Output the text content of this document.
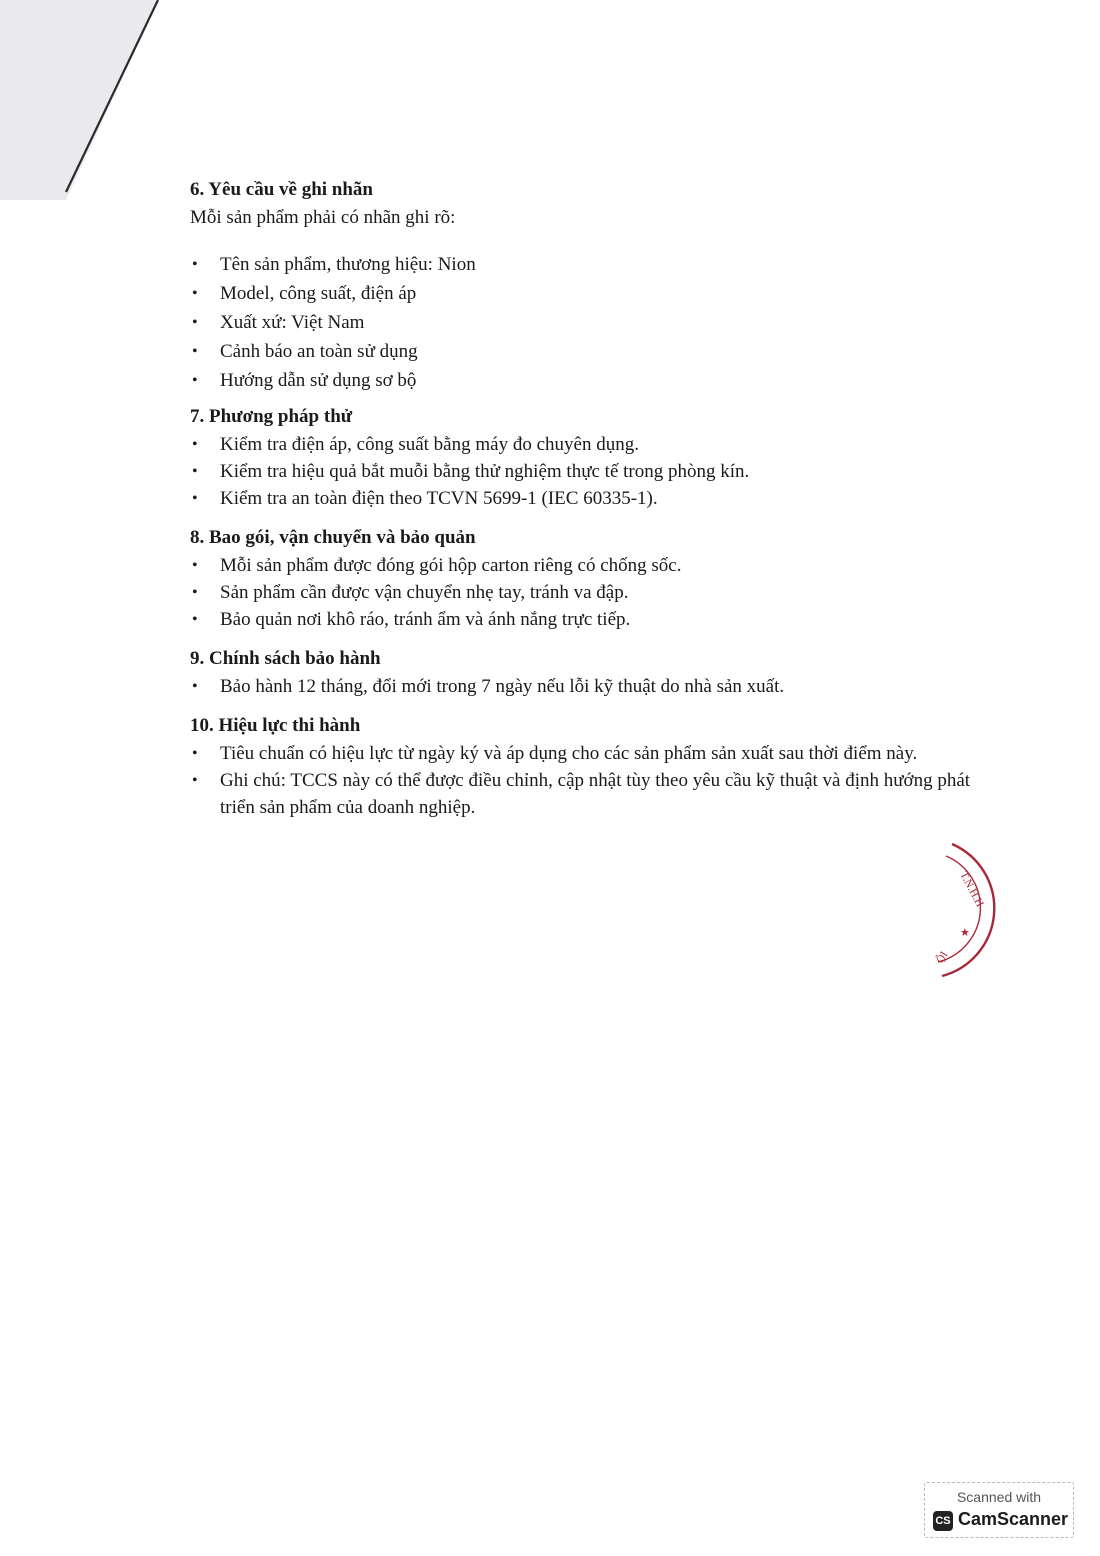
6. Yêu cầu về ghi nhãn

Mỗi sản phẩm phải có nhãn ghi rõ:

• Tên sản phẩm, thương hiệu: Nion
• Model, công suất, điện áp
• Xuất xứ: Việt Nam
• Cảnh báo an toàn sử dụng
• Hướng dẫn sử dụng sơ bộ

7. Phương pháp thử

• Kiểm tra điện áp, công suất bằng máy đo chuyên dụng.
• Kiểm tra hiệu quả bắt muỗi bằng thử nghiệm thực tế trong phòng kín.
• Kiểm tra an toàn điện theo TCVN 5699-1 (IEC 60335-1).

8. Bao gói, vận chuyển và bảo quản

• Mỗi sản phẩm được đóng gói hộp carton riêng có chống sốc.
• Sản phẩm cần được vận chuyển nhẹ tay, tránh va đập.
• Bảo quản nơi khô ráo, tránh ẩm và ánh nắng trực tiếp.

9. Chính sách bảo hành

• Bảo hành 12 tháng, đổi mới trong 7 ngày nếu lỗi kỹ thuật do nhà sản xuất.

10. Hiệu lực thi hành

• Tiêu chuẩn có hiệu lực từ ngày ký và áp dụng cho các sản phẩm sản xuất sau thời điểm này.
• Ghi chú: TCCS này có thể được điều chỉnh, cập nhật tùy theo yêu cầu kỹ thuật và định hướng phát triển sản phẩm của doanh nghiệp.
T.N.H.H
★
ỘI
Scanned with
CS CamScanner
